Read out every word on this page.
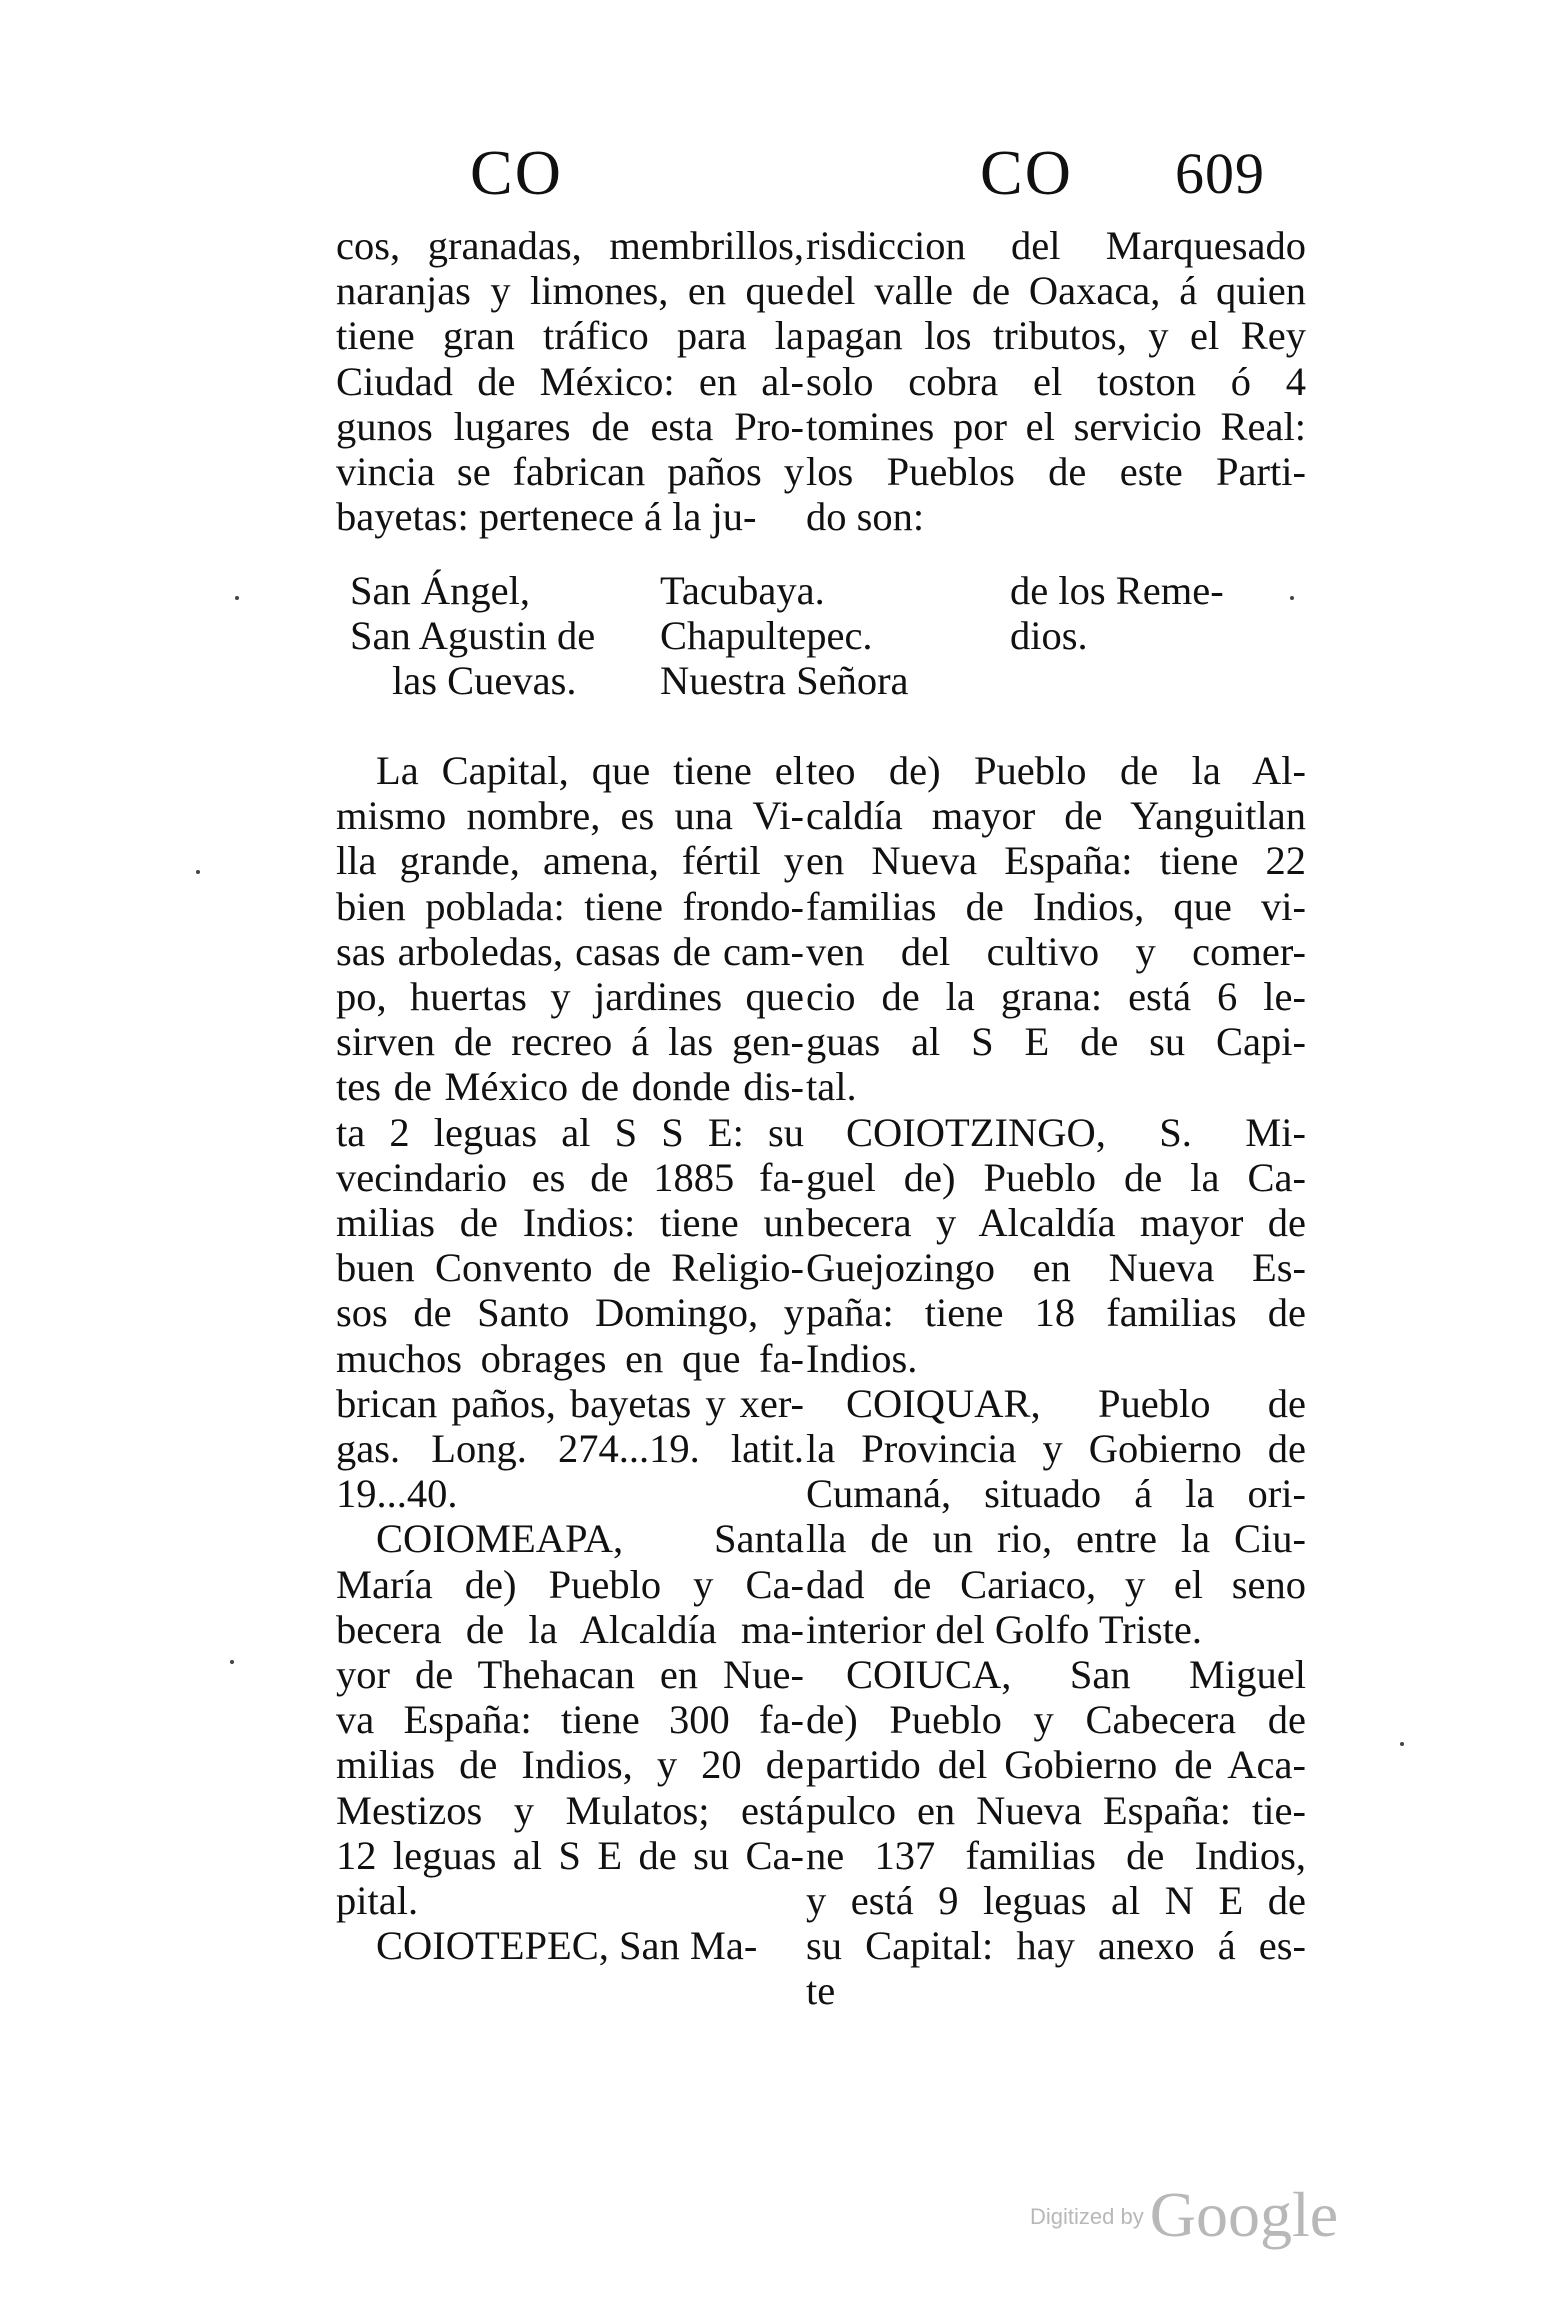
CO	CO 609
cos, granadas, membrillos,
naranjas y limones, en que
tiene gran tráfico para la
Ciudad de México: en al-
gunos lugares de esta Pro-
vincia se fabrican paños y
bayetas: pertenece á la ju-
risdiccion del Marquesado
del valle de Oaxaca, á quien
pagan los tributos, y el Rey
solo cobra el toston ó 4
tomines por el servicio Real:
los Pueblos de este Parti-
do son:
San Ángel,
San Agustin de
las Cuevas.
Tacubaya.
Chapultepec.
Nuestra Señora
de los Reme-
dios.
La Capital, que tiene el
mismo nombre, es una Vi-
lla grande, amena, fértil y
bien poblada: tiene frondo-
sas arboledas, casas de cam-
po, huertas y jardines que
sirven de recreo á las gen-
tes de México de donde dis-
ta 2 leguas al S S E: su
vecindario es de 1885 fa-
milias de Indios: tiene un
buen Convento de Religio-
sos de Santo Domingo, y
muchos obrages en que fa-
brican paños, bayetas y xer-
gas. Long. 274...19. latit.
19...40.
COIOMEAPA, Santa
María de) Pueblo y Ca-
becera de la Alcaldía ma-
yor de Thehacan en Nue-
va España: tiene 300 fa-
milias de Indios, y 20 de
Mestizos y Mulatos; está
12 leguas al S E de su Ca-
pital.
COIOTEPEC, San Ma-
teo de) Pueblo de la Al-
caldía mayor de Yanguitlan
en Nueva España: tiene 22
familias de Indios, que vi-
ven del cultivo y comer-
cio de la grana: está 6 le-
guas al S E de su Capi-
tal.
COIOTZINGO, S. Mi-
guel de) Pueblo de la Ca-
becera y Alcaldía mayor de
Guejozingo en Nueva Es-
paña: tiene 18 familias de
Indios.
COIQUAR, Pueblo de
la Provincia y Gobierno de
Cumaná, situado á la ori-
lla de un rio, entre la Ciu-
dad de Cariaco, y el seno
interior del Golfo Triste.
COIUCA, San Miguel
de) Pueblo y Cabecera de
partido del Gobierno de Aca-
pulco en Nueva España: tie-
ne 137 familias de Indios,
y está 9 leguas al N E de
su Capital: hay anexo á es-
te
Digitized byGoogle
